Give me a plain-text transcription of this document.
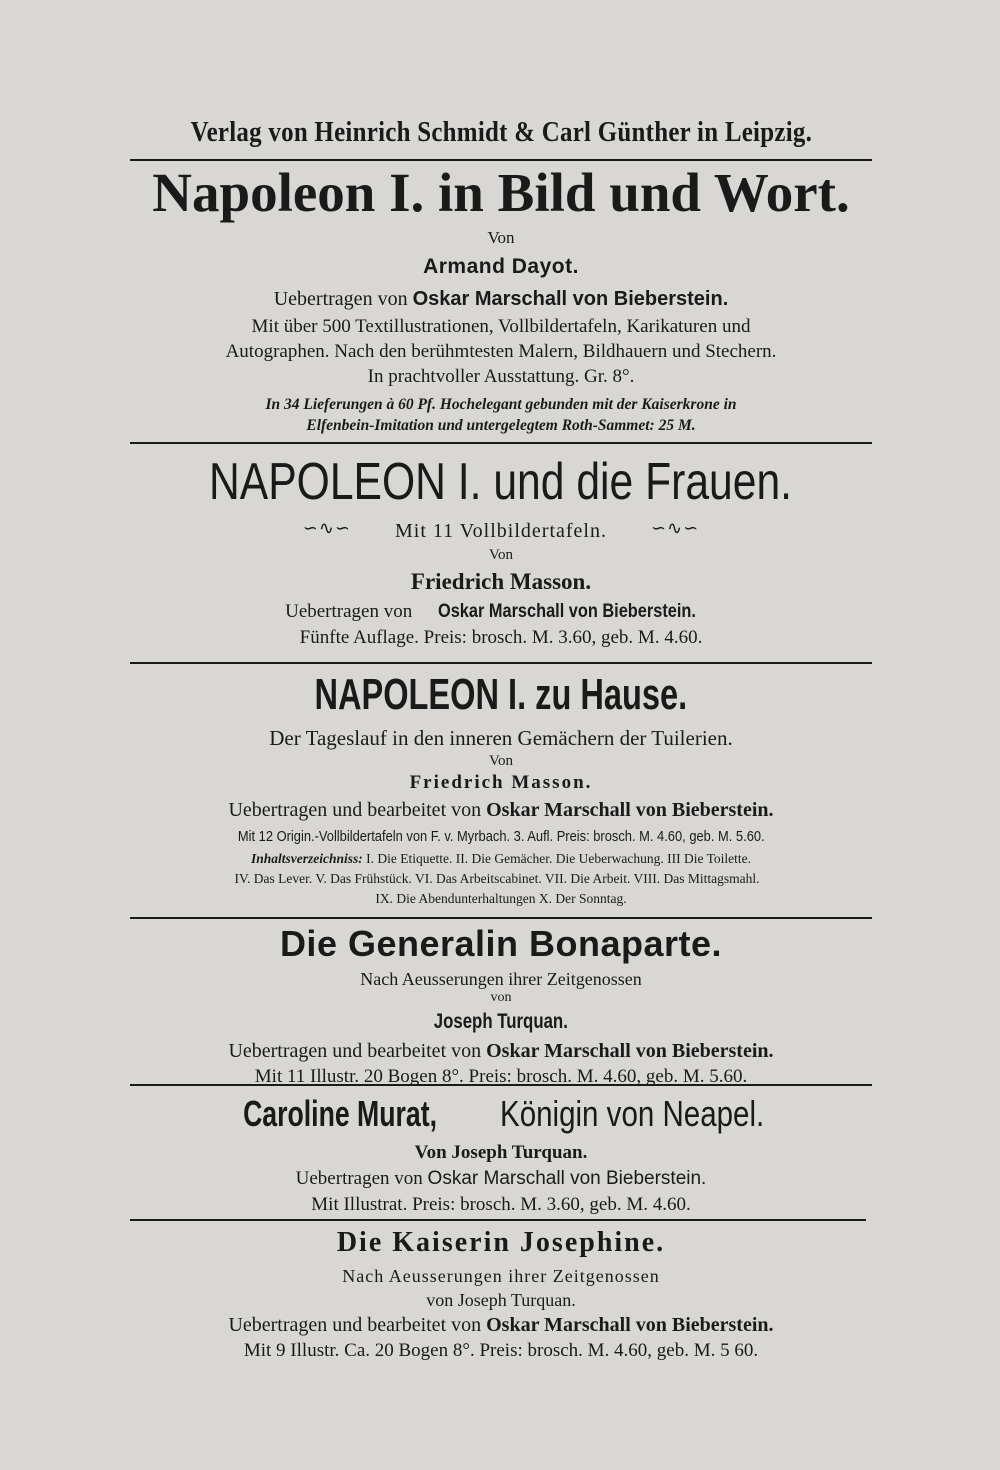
Verlag von Heinrich Schmidt & Carl Günther in Leipzig.
Napoleon I. in Bild und Wort.
Von
Armand Dayot.
Uebertragen von Oskar Marschall von Bieberstein.
Mit über 500 Textillustrationen, Vollbildertafeln, Karikaturen und
Autographen. Nach den berühmtesten Malern, Bildhauern und Stechern.
In prachtvoller Ausstattung. Gr. 8°.
In 34 Lieferungen à 60 Pf. Hochelegant gebunden mit der Kaiserkrone in
Elfenbein-Imitation und untergelegtem Roth-Sammet: 25 M.
NAPOLEON I. und die Frauen.
∽∿∽ Mit 11 Vollbildertafeln. ∽∿∽
Von
Friedrich Masson.
Uebertragen von Oskar Marschall von Bieberstein.
Fünfte Auflage. Preis: brosch. M. 3.60, geb. M. 4.60.
NAPOLEON I. zu Hause.
Der Tageslauf in den inneren Gemächern der Tuilerien.
Von
Friedrich Masson.
Uebertragen und bearbeitet von Oskar Marschall von Bieberstein.
Mit 12 Origin.-Vollbildertafeln von F. v. Myrbach. 3. Aufl. Preis: brosch. M. 4.60, geb. M. 5.60.
Inhaltsverzeichniss: I. Die Etiquette. II. Die Gemächer. Die Ueberwachung. III Die Toilette.
IV. Das Lever. V. Das Frühstück. VI. Das Arbeitscabinet. VII. Die Arbeit. VIII. Das Mittagsmahl.
IX. Die Abendunterhaltungen X. Der Sonntag.
Die Generalin Bonaparte.
Nach Aeusserungen ihrer Zeitgenossen
von
Joseph Turquan.
Uebertragen und bearbeitet von Oskar Marschall von Bieberstein.
Mit 11 Illustr. 20 Bogen 8°. Preis: brosch. M. 4.60, geb. M. 5.60.
Caroline Murat, Königin von Neapel.
Von Joseph Turquan.
Uebertragen von Oskar Marschall von Bieberstein.
Mit Illustrat. Preis: brosch. M. 3.60, geb. M. 4.60.
Die Kaiserin Josephine.
Nach Aeusserungen ihrer Zeitgenossen
von Joseph Turquan.
Uebertragen und bearbeitet von Oskar Marschall von Bieberstein.
Mit 9 Illustr. Ca. 20 Bogen 8°. Preis: brosch. M. 4.60, geb. M. 5 60.
